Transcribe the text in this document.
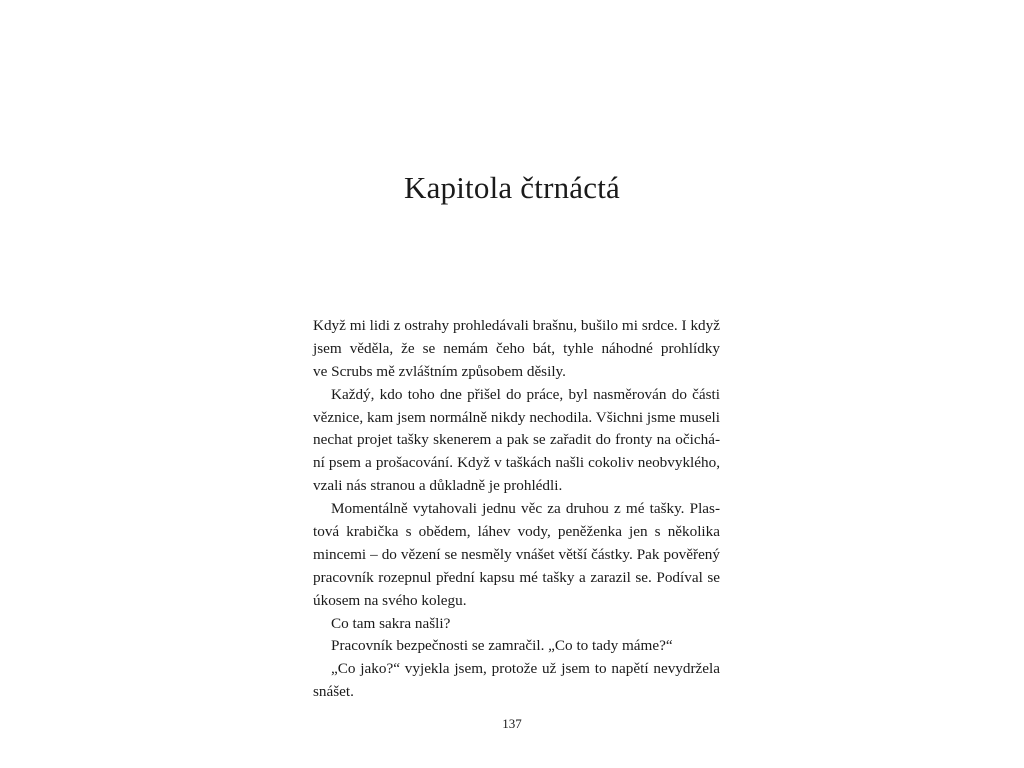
Kapitola čtrnáctá
Když mi lidi z ostrahy prohledávali brašnu, bušilo mi srdce. I když
jsem věděla, že se nemám čeho bát, tyhle náhodné prohlídky
ve Scrubs mě zvláštním způsobem děsily.
Každý, kdo toho dne přišel do práce, byl nasměrován do části
věznice, kam jsem normálně nikdy nechodila. Všichni jsme museli
nechat projet tašky skenerem a pak se zařadit do fronty na očichá-
ní psem a prošacování. Když v taškách našli cokoliv neobvyklého,
vzali nás stranou a důkladně je prohlédli.
Momentálně vytahovali jednu věc za druhou z mé tašky. Plas-
tová krabička s obědem, láhev vody, peněženka jen s několika
mincemi – do vězení se nesměly vnášet větší částky. Pak pověřený
pracovník rozepnul přední kapsu mé tašky a zarazil se. Podíval se
úkosem na svého kolegu.
Co tam sakra našli?
Pracovník bezpečnosti se zamračil. „Co to tady máme?“
„Co jako?“ vyjekla jsem, protože už jsem to napětí nevydržela
snášet.
137
